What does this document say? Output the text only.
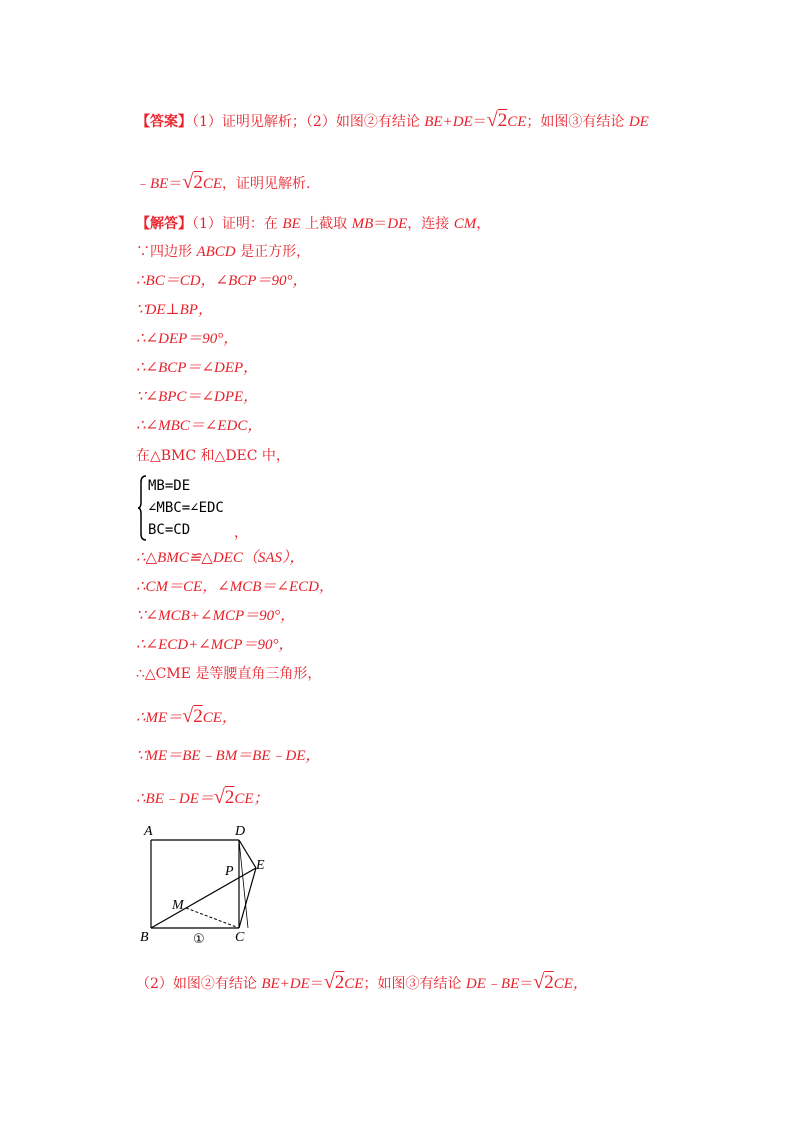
【答案】（1）证明见解析；（2）如图②有结论 BE+DE＝√2CE；如图③有结论 DE
﹣BE＝√2CE，证明见解析.
【解答】（1）证明：在 BE 上截取 MB＝DE，连接 CM，
∵四边形 ABCD 是正方形，
∴BC＝CD，∠BCP＝90°，
∵DE⊥BP，
∴∠DEP＝90°，
∴∠BCP＝∠DEP，
∵∠BPC＝∠DPE，
∴∠MBC＝∠EDC，
在△BMC 和△DEC 中，
MB=DE
∠MBC=∠EDC
BC=CD	，
∴△BMC≌△DEC（SAS），
∴CM＝CE，∠MCB＝∠ECD，
∵∠MCB+∠MCP＝90°，
∴∠ECD+∠MCP＝90°，
∴△CME 是等腰直角三角形，
∴ME＝√2CE，
∵ME＝BE﹣BM＝BE﹣DE，
∴BE﹣DE＝√2CE；
A	D
P E
M
B	C
①
（2）如图②有结论 BE+DE＝√2CE；如图③有结论 DE﹣BE＝√2CE，
